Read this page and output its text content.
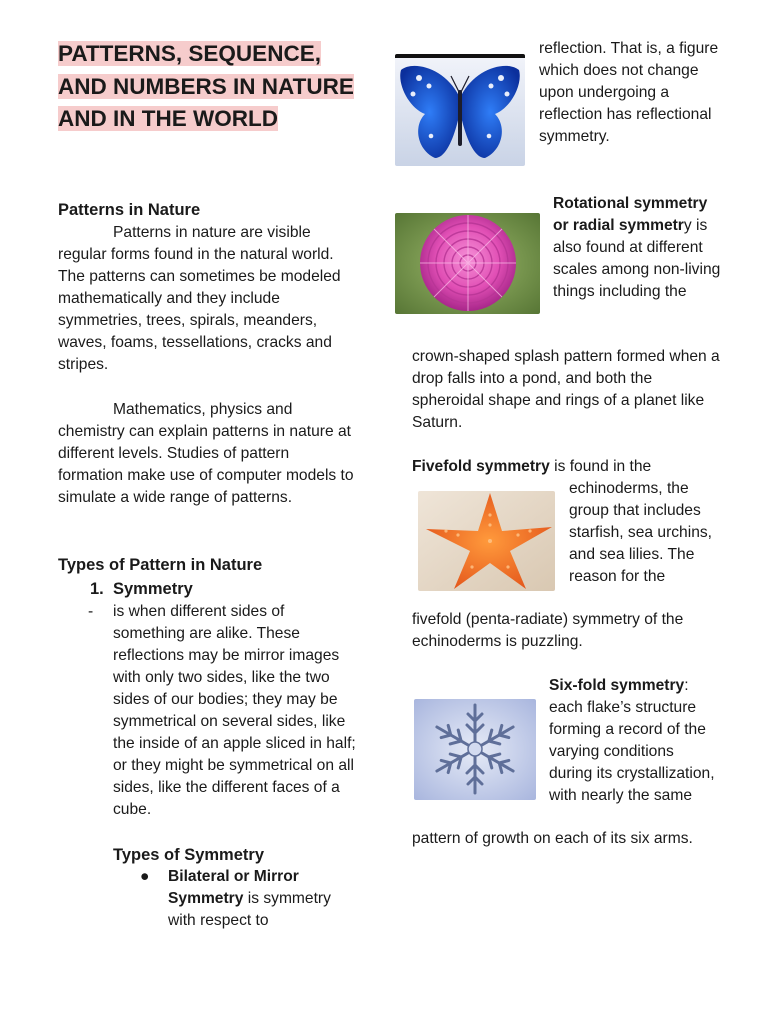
PATTERNS, SEQUENCE, AND NUMBERS IN NATURE AND IN THE WORLD
Patterns in Nature
Patterns in nature are visible regular forms found in the natural world. The patterns can sometimes be modeled mathematically and they include symmetries, trees, spirals, meanders, waves, foams, tessellations, cracks and stripes.
Mathematics, physics and chemistry can explain patterns in nature at different levels. Studies of pattern formation make use of computer models to simulate a wide range of patterns.
Types of Pattern in Nature
1. Symmetry
-	is when different sides of something are alike. These reflections may be mirror images with only two sides, like the two sides of our bodies; they may be symmetrical on several sides, like the inside of an apple sliced in half; or they might be symmetrical on all sides, like the different faces of a cube.
Types of Symmetry
●	Bilateral or Mirror Symmetry is symmetry with respect to
reflection. That is, a figure which does not change upon undergoing a reflection has reflectional symmetry.
Rotational symmetry or radial symmetry is also found at different scales among non-living things including the
crown-shaped splash pattern formed when a drop falls into a pond, and both the spheroidal shape and rings of a planet like Saturn.
Fivefold symmetry is found in the
echinoderms, the group that includes starfish, sea urchins, and sea lilies. The reason for the
fivefold (penta-radiate) symmetry of the echinoderms is puzzling.
Six-fold symmetry: each flake’s structure forming a record of the varying conditions during its crystallization, with nearly the same
pattern of growth on each of its six arms.
